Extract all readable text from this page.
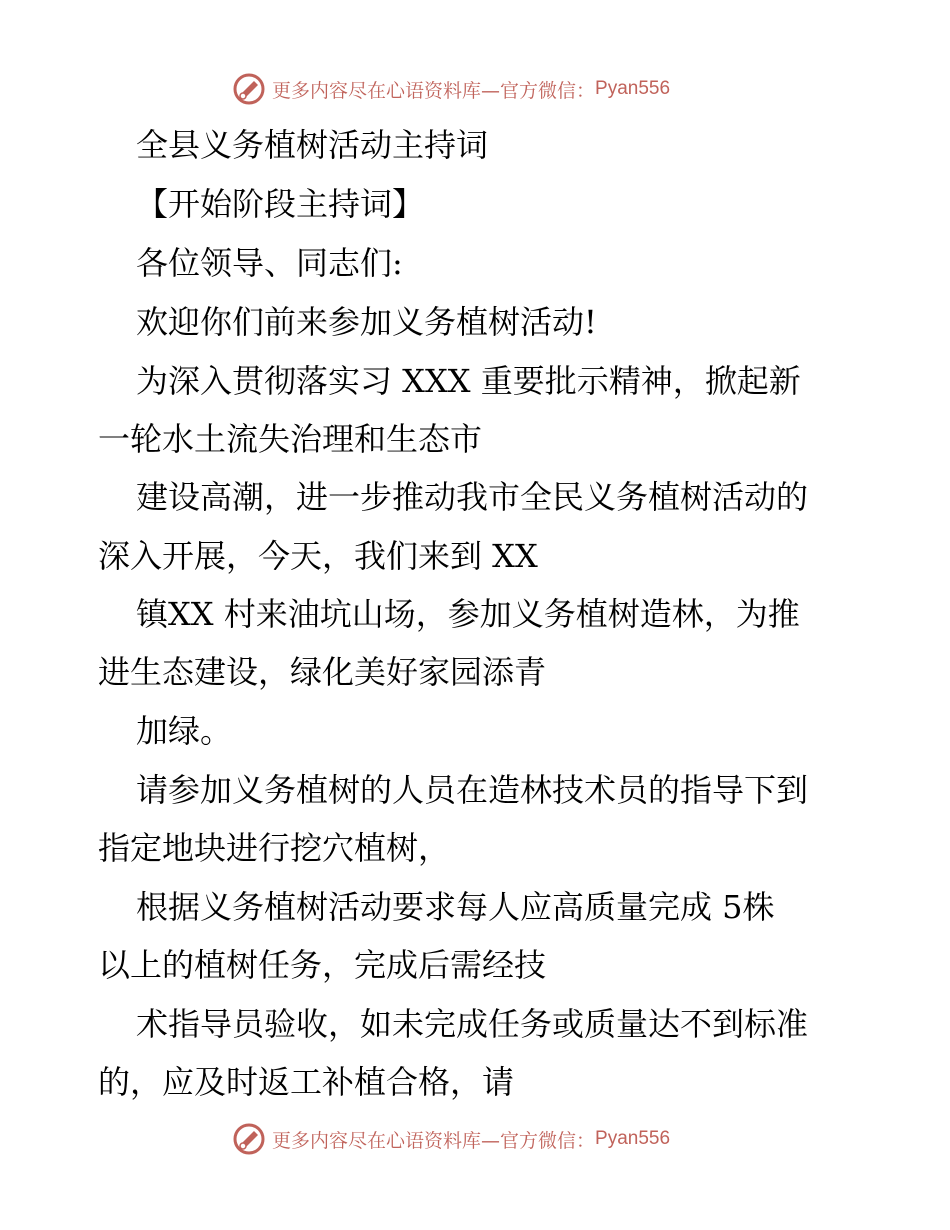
更多内容尽在心语资料库—官方微信： Pyan556
全县义务植树活动主持词
【开始阶段主持词】
各位领导、同志们:
欢迎你们前来参加义务植树活动!
为深入贯彻落实习 XXX 重要批示精神，掀起新
一轮水土流失治理和生态市
建设高潮，进一步推动我市全民义务植树活动的
深入开展，今天，我们来到 XX
镇XX 村来油坑山场，参加义务植树造林，为推
进生态建设，绿化美好家园添青
加绿。
请参加义务植树的人员在造林技术员的指导下到
指定地块进行挖穴植树，
根据义务植树活动要求每人应高质量完成 5株
以上的植树任务，完成后需经技
术指导员验收，如未完成任务或质量达不到标准
的，应及时返工补植合格，请
更多内容尽在心语资料库—官方微信： Pyan556
